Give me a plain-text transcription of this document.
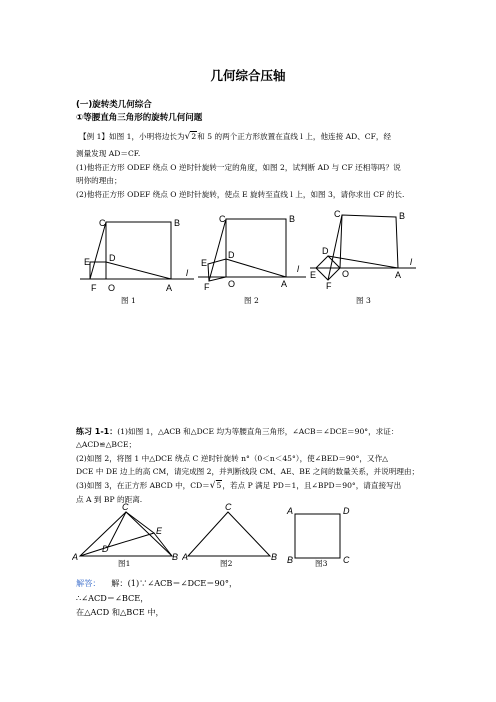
几何综合压轴
(一)旋转类几何综合
①等腰直角三角形的旋转几何问题
【例 1】如图 1，小明将边长为√2和 5 的两个正方形放置在直线 l 上，他连接 AD、CF，经
测量发现 AD＝CF.
(1)他将正方形 ODEF 绕点 O 逆时针旋转一定的角度，如图 2，试判断 AD 与 CF 还相等吗？说
明你的理由；
(2)他将正方形 ODEF 绕点 O 逆时针旋转，使点 E 旋转至直线 l 上，如图 3，请你求出 CF 的长.
C	B
D
E
F O	A
l
C	B
D
E
F O	A
l
C	B
D
E
F
O	A
l
图 1	图 2	图 3
练习 1-1：(1)如图 1，△ACB 和△DCE 均为等腰直角三角形，∠ACB＝∠DCE＝90°，求证：
△ACD≌△BCE；
(2)如图 2，将图 1 中△DCE 绕点 C 逆时针旋转 n°（0＜n＜45°），使∠BED＝90°，又作△
DCE 中 DE 边上的高 CM，请完成图 2，并判断线段 CM、AE、BE 之间的数量关系，并说明理由；
(3)如图 3，在正方形 ABCD 中，CD＝√5，若点 P 满足 PD＝1，且∠BPD＝90°，请直接写出
点 A 到 BP 的距离.
C
E
D
A	B
C
A	B
A	D
B	C
图1	图2	图3
解答： 解：(1)∵∠ACB＝∠DCE＝90°，
∴∠ACD＝∠BCE，
在△ACD 和△BCE 中，
